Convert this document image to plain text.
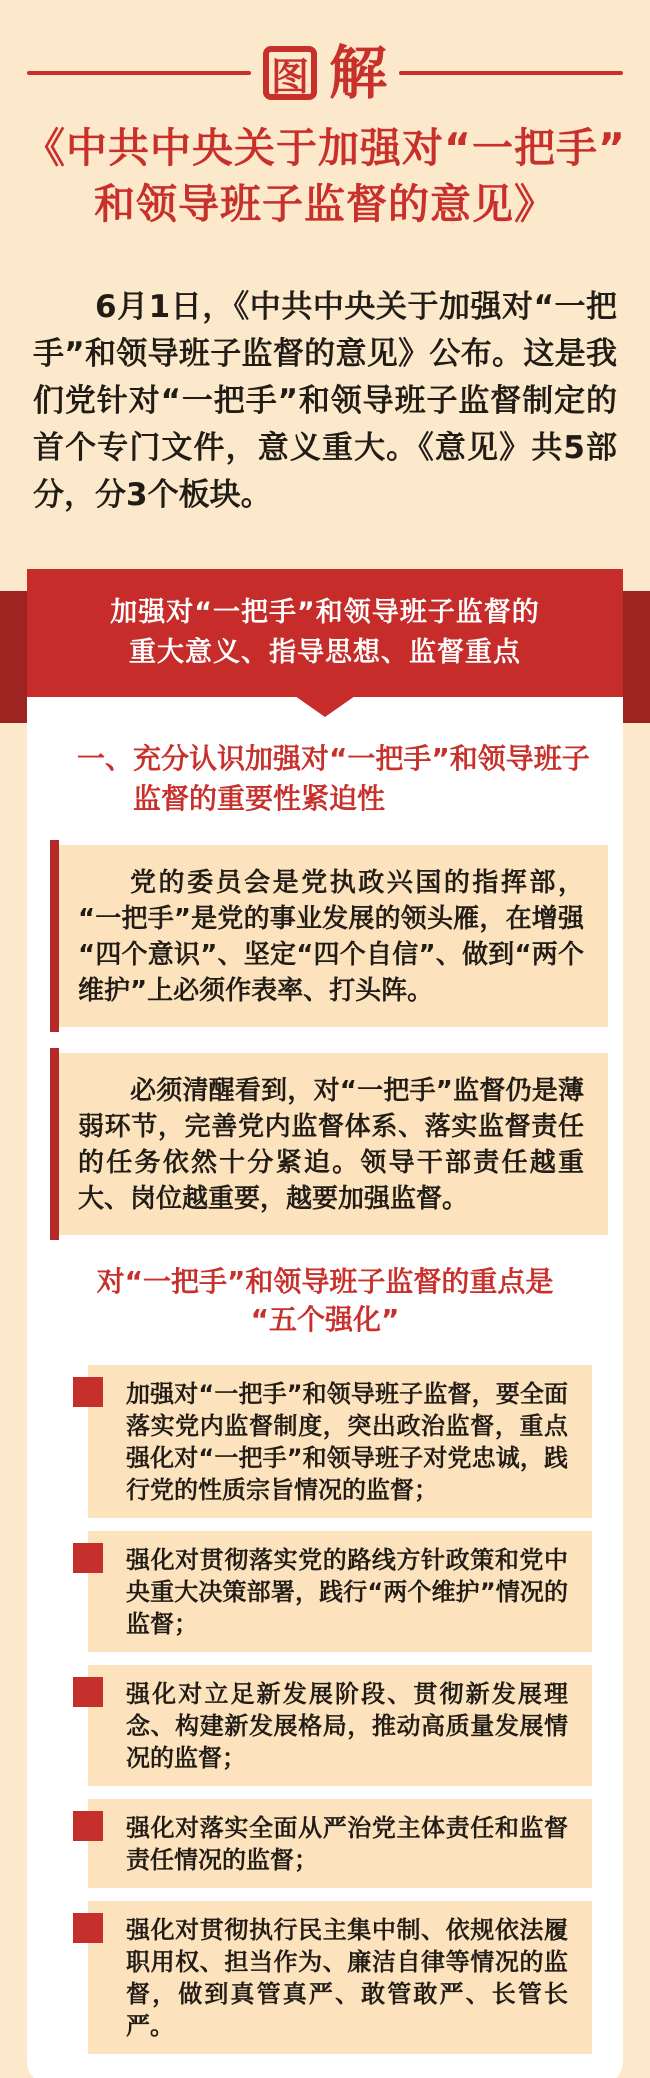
图 解
《中共中央关于加强对“一把手”
和领导班子监督的意见》

6月1日，《中共中央关于加强对“一把手”和领导班子监督的意见》公布。这是我们党针对“一把手”和领导班子监督制定的首个专门文件，意义重大。《意见》共5部分，分3个板块。

加强对“一把手”和领导班子监督的
重大意义、指导思想、监督重点
一、充分认识加强对“一把手”和领导班子监督的重要性紧迫性
党的委员会是党执政兴国的指挥部，“一把手”是党的事业发展的领头雁，在增强“四个意识”、坚定“四个自信”、做到“两个维护”上必须作表率、打头阵。
必须清醒看到，对“一把手”监督仍是薄弱环节，完善党内监督体系、落实监督责任的任务依然十分紧迫。领导干部责任越重大、岗位越重要，越要加强监督。
对“一把手”和领导班子监督的重点是
“五个强化”
加强对“一把手”和领导班子监督，要全面落实党内监督制度，突出政治监督，重点强化对“一把手”和领导班子对党忠诚，践行党的性质宗旨情况的监督；
强化对贯彻落实党的路线方针政策和党中央重大决策部署，践行“两个维护”情况的监督；
强化对立足新发展阶段、贯彻新发展理念、构建新发展格局，推动高质量发展情况的监督；
强化对落实全面从严治党主体责任和监督责任情况的监督；
强化对贯彻执行民主集中制、依规依法履职用权、担当作为、廉洁自律等情况的监督，做到真管真严、敢管敢严、长管长严。
